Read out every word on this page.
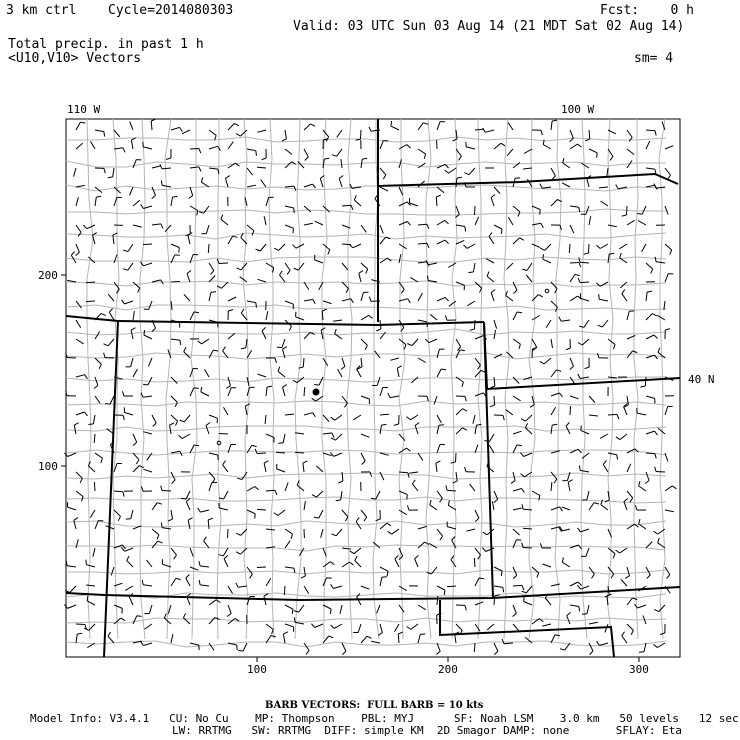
3 km ctrl Cycle=2014080303	Fcst:    0 h
Valid: 03 UTC Sun 03 Aug 14 (21 MDT Sat 02 Aug 14)
Total precip. in past 1 h
<U10,V10> Vectors	sm= 4
110 W	100 W
40 N
200
100
100	200	300
BARB VECTORS:  FULL BARB = 10 kts
Model Info: V3.4.1   CU: No Cu    MP: Thompson    PBL: MYJ      SF: Noah LSM    3.0 km   50 levels   12 sec
LW: RRTMG   SW: RRTMG  DIFF: simple KM  2D Smagor DAMP: none       SFLAY: Eta
